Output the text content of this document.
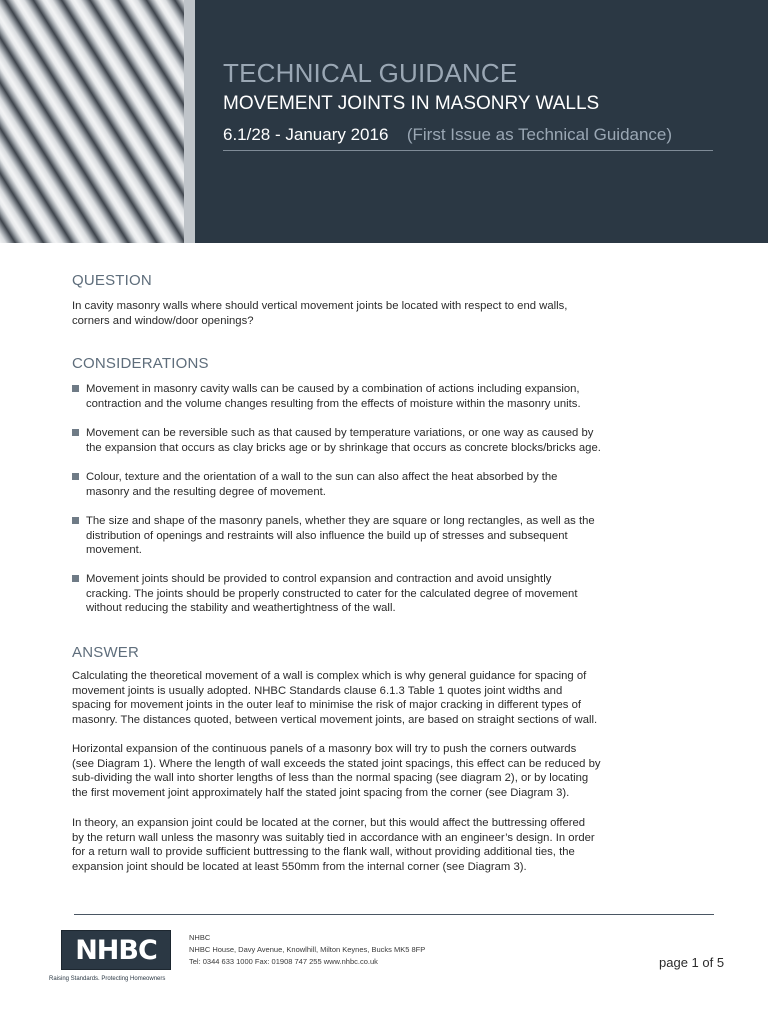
TECHNICAL GUIDANCE
MOVEMENT JOINTS IN MASONRY WALLS
6.1/28 - January 2016 (First Issue as Technical Guidance)
QUESTION
In cavity masonry walls where should vertical movement joints be located with respect to end walls,
corners and window/door openings?
CONSIDERATIONS
Movement in masonry cavity walls can be caused by a combination of actions including expansion,
contraction and the volume changes resulting from the effects of moisture within the masonry units.
Movement can be reversible such as that caused by temperature variations, or one way as caused by
the expansion that occurs as clay bricks age or by shrinkage that occurs as concrete blocks/bricks age.
Colour, texture and the orientation of a wall to the sun can also affect the heat absorbed by the
masonry and the resulting degree of movement.
The size and shape of the masonry panels, whether they are square or long rectangles, as well as the
distribution of openings and restraints will also influence the build up of stresses and subsequent
movement.
Movement joints should be provided to control expansion and contraction and avoid unsightly
cracking. The joints should be properly constructed to cater for the calculated degree of movement
without reducing the stability and weathertightness of the wall.
ANSWER
Calculating the theoretical movement of a wall is complex which is why general guidance for spacing of
movement joints is usually adopted. NHBC Standards clause 6.1.3 Table 1 quotes joint widths and
spacing for movement joints in the outer leaf to minimise the risk of major cracking in different types of
masonry. The distances quoted, between vertical movement joints, are based on straight sections of wall.
Horizontal expansion of the continuous panels of a masonry box will try to push the corners outwards
(see Diagram 1). Where the length of wall exceeds the stated joint spacings, this effect can be reduced by
sub-dividing the wall into shorter lengths of less than the normal spacing (see diagram 2), or by locating
the first movement joint approximately half the stated joint spacing from the corner (see Diagram 3).
In theory, an expansion joint could be located at the corner, but this would affect the buttressing offered
by the return wall unless the masonry was suitably tied in accordance with an engineer’s design. In order
for a return wall to provide sufficient buttressing to the flank wall, without providing additional ties, the
expansion joint should be located at least 550mm from the internal corner (see Diagram 3).
NHBC
Raising Standards. Protecting Homeowners
NHBC
NHBC House, Davy Avenue, Knowlhill, Milton Keynes, Bucks MK5 8FP
Tel: 0344 633 1000 Fax: 01908 747 255 www.nhbc.co.uk	page 1 of 5
